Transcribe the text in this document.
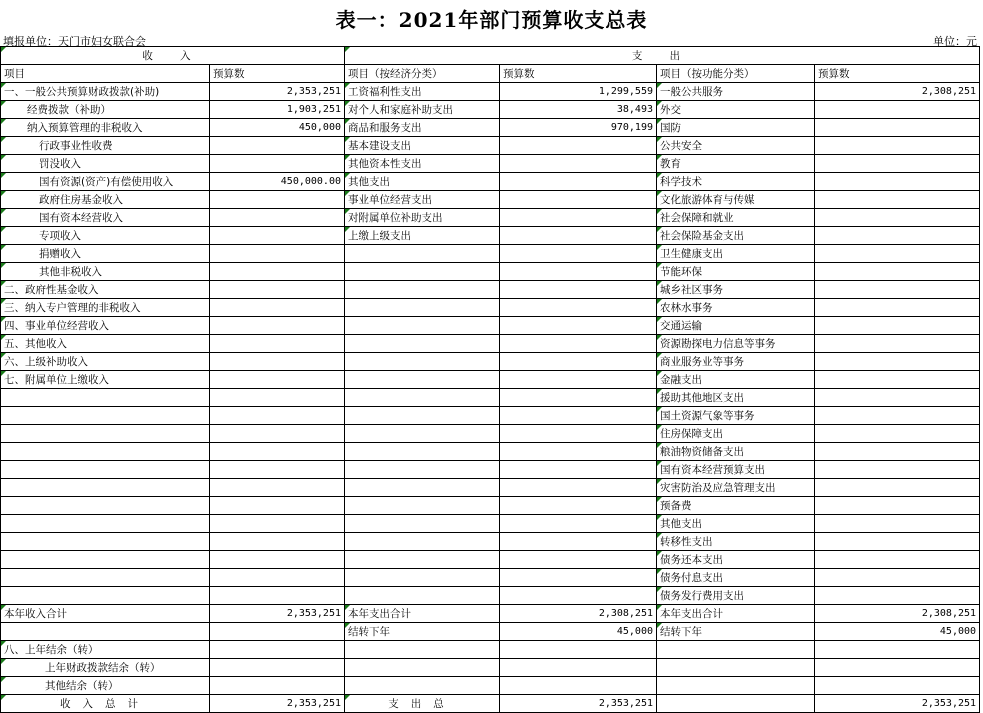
表一：2021年部门预算收支总表
填报单位：天门市妇女联合会	单位：元
收 入		支 出			
项目	预算数	项目（按经济分类）	预算数	项目（按功能分类）	预算数
一、一般公共预算财政拨款(补助)	2,353,251	工资福利性支出	1,299,559	一般公共服务	2,308,251
经费拨款（补助）	1,903,251	对个人和家庭补助支出	38,493	外交	
纳入预算管理的非税收入	450,000	商品和服务支出	970,199	国防	
行政事业性收费		基本建设支出		公共安全	
罚没收入		其他资本性支出		教育	
国有资源(资产)有偿使用收入	450,000.00	其他支出		科学技术	
政府住房基金收入		事业单位经营支出		文化旅游体育与传媒	
国有资本经营收入		对附属单位补助支出		社会保障和就业	
专项收入		上缴上级支出		社会保险基金支出	
捐赠收入				卫生健康支出	
其他非税收入				节能环保	
二、政府性基金收入				城乡社区事务	
三、纳入专户管理的非税收入				农林水事务	
四、事业单位经营收入				交通运输	
五、其他收入				资源勘探电力信息等事务	
六、上级补助收入				商业服务业等事务	
七、附属单位上缴收入				金融支出	
				援助其他地区支出	
				国土资源气象等事务	
				住房保障支出	
				粮油物资储备支出	
				国有资本经营预算支出	
				灾害防治及应急管理支出	
				预备费	
				其他支出	
				转移性支出	
				债务还本支出	
				债务付息支出	
				债务发行费用支出	
本年收入合计	2,353,251	本年支出合计	2,308,251	本年支出合计	2,308,251
		结转下年	45,000	结转下年	45,000
八、上年结余（转）					
上年财政拨款结余（转）					
其他结余（转）					
收入总计	2,353,251	支出总	2,353,251		2,353,251
